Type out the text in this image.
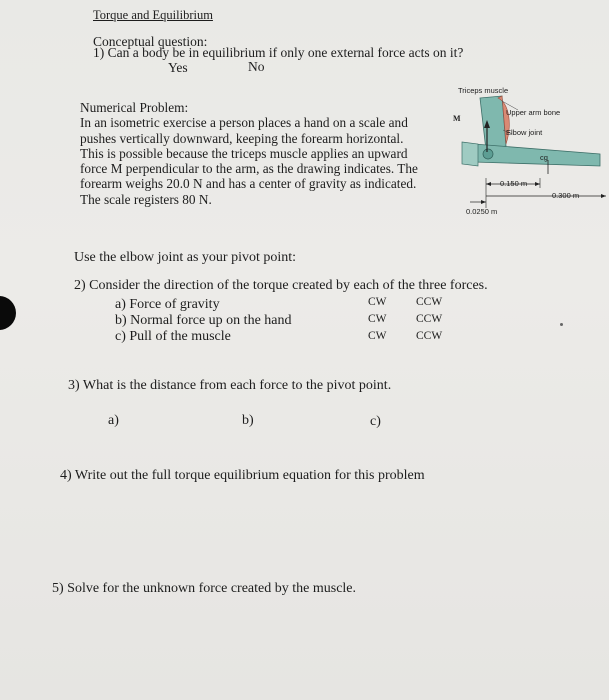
Torque and Equilibrium
Conceptual question:
1) Can a body be in equilibrium if only one external force acts on it?
Yes	No
Numerical Problem:
In an isometric exercise a person places a hand on a scale and
pushes vertically downward, keeping the forearm horizontal.
This is possible because the triceps muscle applies an upward
force M perpendicular to the arm, as the drawing indicates. The
forearm weighs 20.0 N and has a center of gravity as indicated.
The scale registers 80 N.
Triceps muscle
Upper arm bone
Elbow joint
cg
M
0.150 m
0.300 m
0.0250 m
Use the elbow joint as your pivot point:
2) Consider the direction of the torque created by each of the three forces.
a) Force of gravity	CW	CCW
b) Normal force up on the hand	CW	CCW
c) Pull of the muscle	CW	CCW
3) What is the distance from each force to the pivot point.
a)	b)	c)
4) Write out the full torque equilibrium equation for this problem
5) Solve for the unknown force created by the muscle.
